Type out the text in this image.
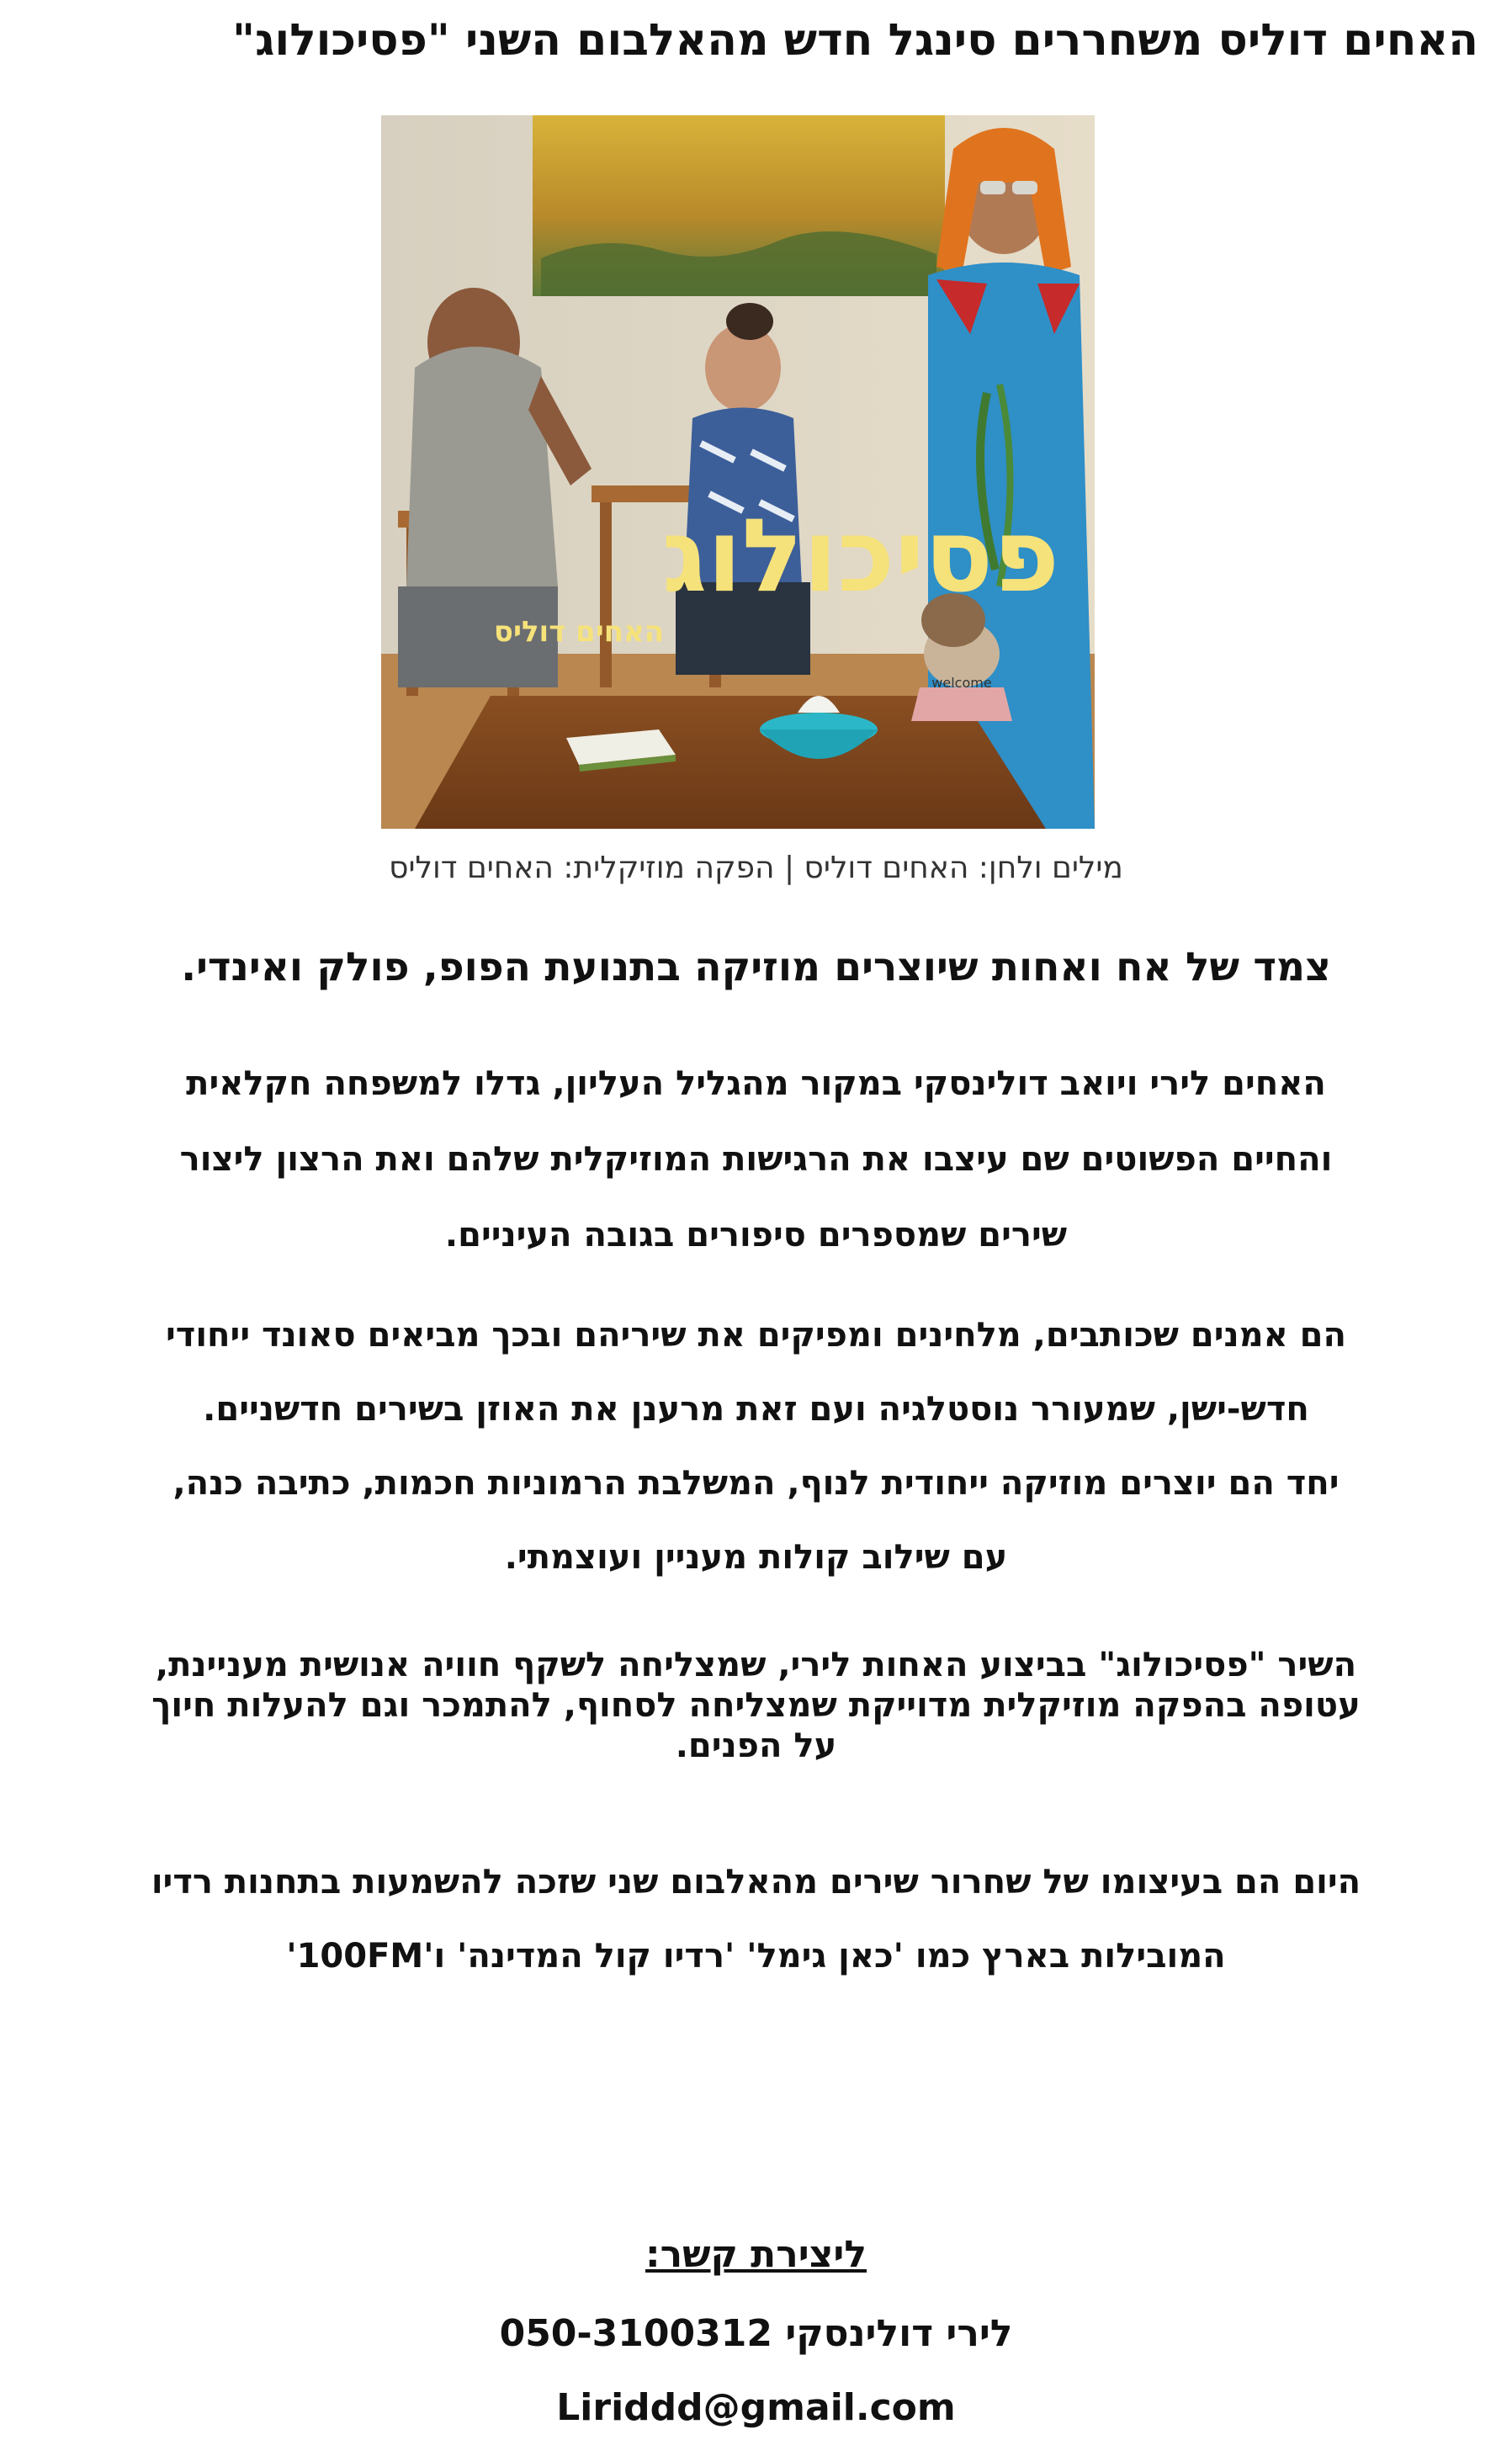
האחים דוליס משחררים סינגל חדש מהאלבום השני "פסיכולוג"
welcome
פסיכולוג
האחים דוליס

מילים ולחן: האחים דוליס | הפקה מוזיקלית: האחים דוליס

צמד של אח ואחות שיוצרים מוזיקה בתנועת הפופ, פולק ואינדי.

האחים לירי ויואב דולינסקי במקור מהגליל העליון, גדלו למשפחה חקלאית
והחיים הפשוטים שם עיצבו את הרגישות המוזיקלית שלהם ואת הרצון ליצור
שירים שמספרים סיפורים בגובה העיניים.

הם אמנים שכותבים, מלחינים ומפיקים את שיריהם ובכך מביאים סאונד ייחודי
חדש-ישן, שמעורר נוסטלגיה ועם זאת מרענן את האוזן בשירים חדשניים.
יחד הם יוצרים מוזיקה ייחודית לנוף, המשלבת הרמוניות חכמות, כתיבה כנה,
עם שילוב קולות מעניין ועוצמתי.

השיר "פסיכולוג" בביצוע האחות לירי, שמצליחה לשקף חוויה אנושית מעניינת,
עטופה בהפקה מוזיקלית מדוייקת שמצליחה לסחוף, להתמכר וגם להעלות חיוך
על הפנים.

היום הם בעיצומו של שחרור שירים מהאלבום שני שזכה להשמעות בתחנות רדיו
המובילות בארץ כמו 'כאן גימל' 'רדיו קול המדינה' ו'100FM'

ליצירת קשר:

לירי דולינסקי 050-3100312

Liriddd@gmail.com
